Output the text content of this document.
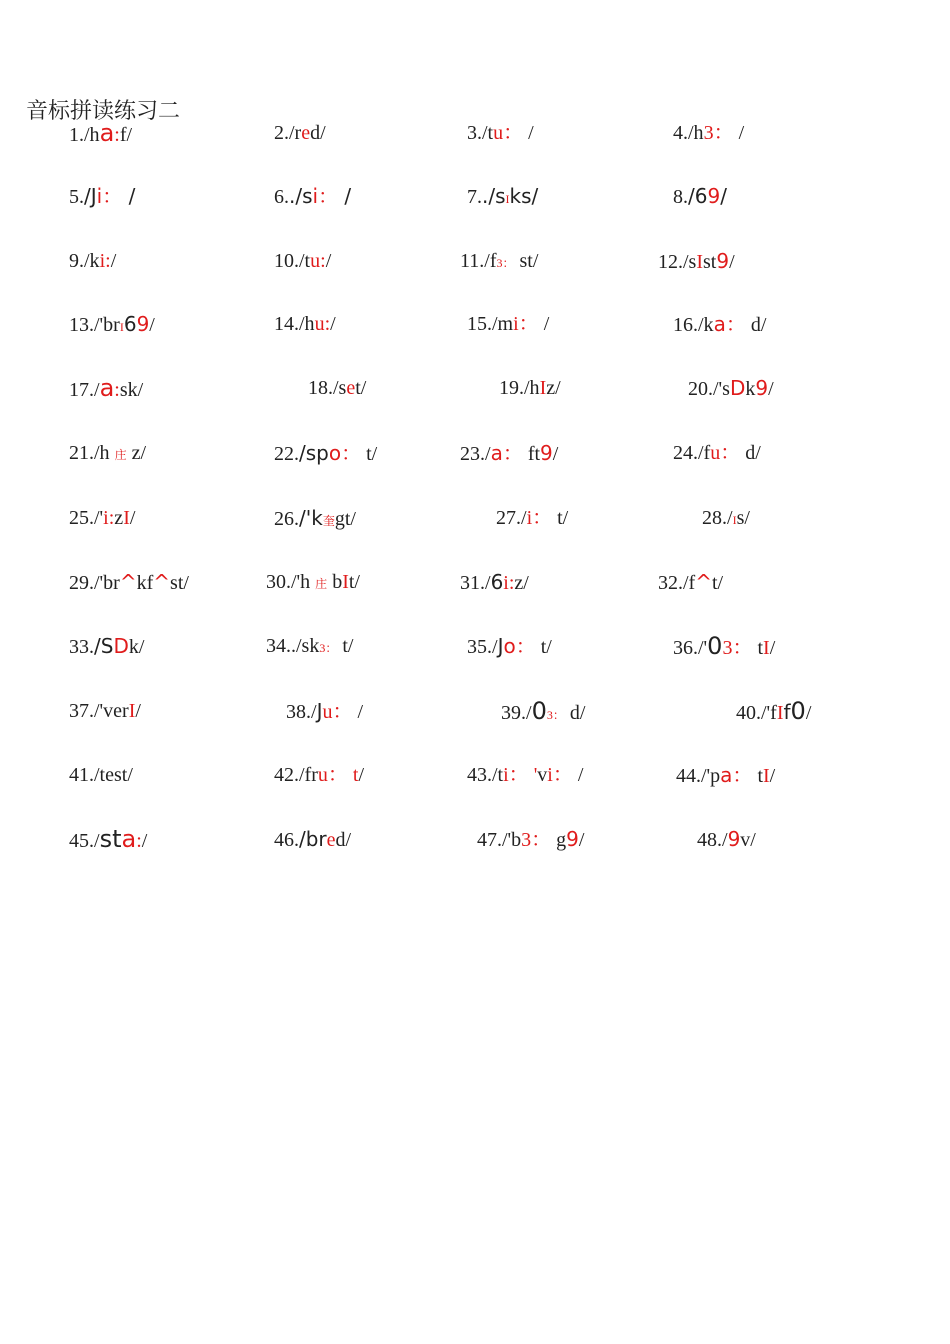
音标拼读练习二
1./ha:f/	2./red/	3./tu： /	4./h3： /
5./Ji： /	6../si： /	7../sIks/	8./69/
9./ki:/	10./tu:/	11./f3： st/	12./sIst9/
13./'brI69/	14./hu:/	15./mi： /	16./ka： d/
17./a:sk/	18./set/	19./hIz/	20./'sDk9/
21./h 庄 z/	22./spo： t/	23./a： ft9/	24./fu： d/
25./'i:zI/	26./'k奎gt/	27./i： t/	28./Is/
29./'br^kf^st/	30./'h 庄 bIt/	31./6i:z/	32./f^t/
33./SDk/	34../sk3： t/	35./Jo： t/	36./'03： tI/
37./'verI/	38./Ju： /	39./03： d/	40./'fIf0/
41./test/	42./fru： t/	43./ti： 'vi： /	44./'pa： tI/
45./sta:/	46./bred/	47./'b3： g9/	48./9v/
